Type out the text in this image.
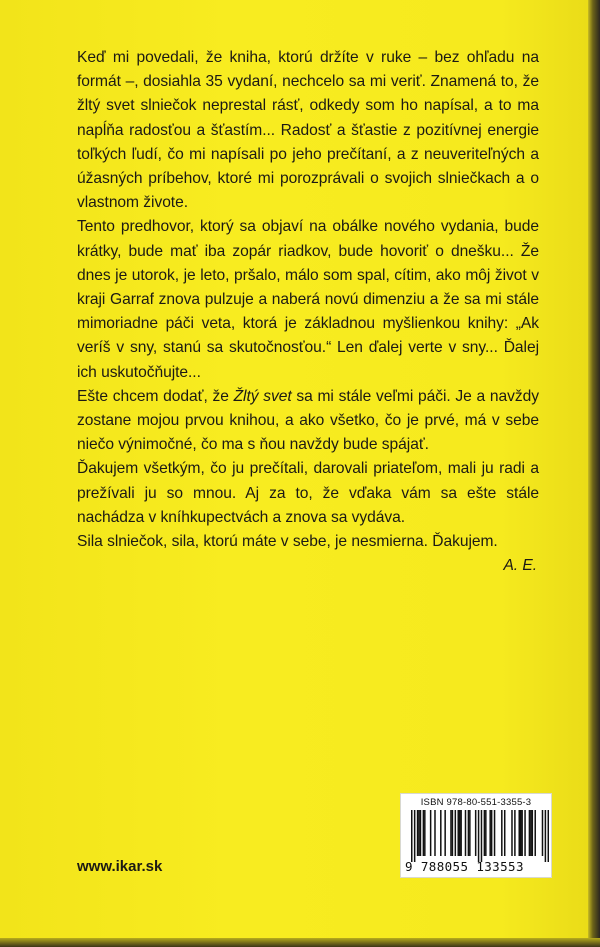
Keď mi povedali, že kniha, ktorú držíte v ruke – bez ohľadu na formát –, dosiahla 35 vydaní, nechcelo sa mi veriť. Znamená to, že žltý svet slniečok neprestal rásť, odkedy som ho napísal, a to ma napĺňa radosťou a šťastím... Radosť a šťastie z pozitívnej energie toľkých ľudí, čo mi napísali po jeho prečítaní, a z neuveriteľných a úžasných príbehov, ktoré mi porozprávali o svojich slniečkach a o vlastnom živote.

Tento predhovor, ktorý sa objaví na obálke nového vydania, bude krátky, bude mať iba zopár riadkov, bude hovoriť o dnešku... Že dnes je utorok, je leto, pršalo, málo som spal, cítim, ako môj život v kraji Garraf znova pulzuje a naberá novú dimenziu a že sa mi stále mimoriadne páči veta, ktorá je základnou myšlienkou knihy: „Ak veríš v sny, stanú sa skutočnosťou.“ Len ďalej verte v sny... Ďalej ich uskutočňujte...

Ešte chcem dodať, že Žltý svet sa mi stále veľmi páči. Je a navždy zostane mojou prvou knihou, a ako všetko, čo je prvé, má v sebe niečo výnimočné, čo ma s ňou navždy bude spájať.

Ďakujem všetkým, čo ju prečítali, darovali priateľom, mali ju radi a prežívali ju so mnou. Aj za to, že vďaka vám sa ešte stále nachádza v kníhkupectvách a znova sa vydáva.

Sila slniečok, sila, ktorú máte v sebe, je nesmierna. Ďakujem.

A. E.

www.ikar.sk
ISBN 978-80-551-3355-3
9 788055 133553
